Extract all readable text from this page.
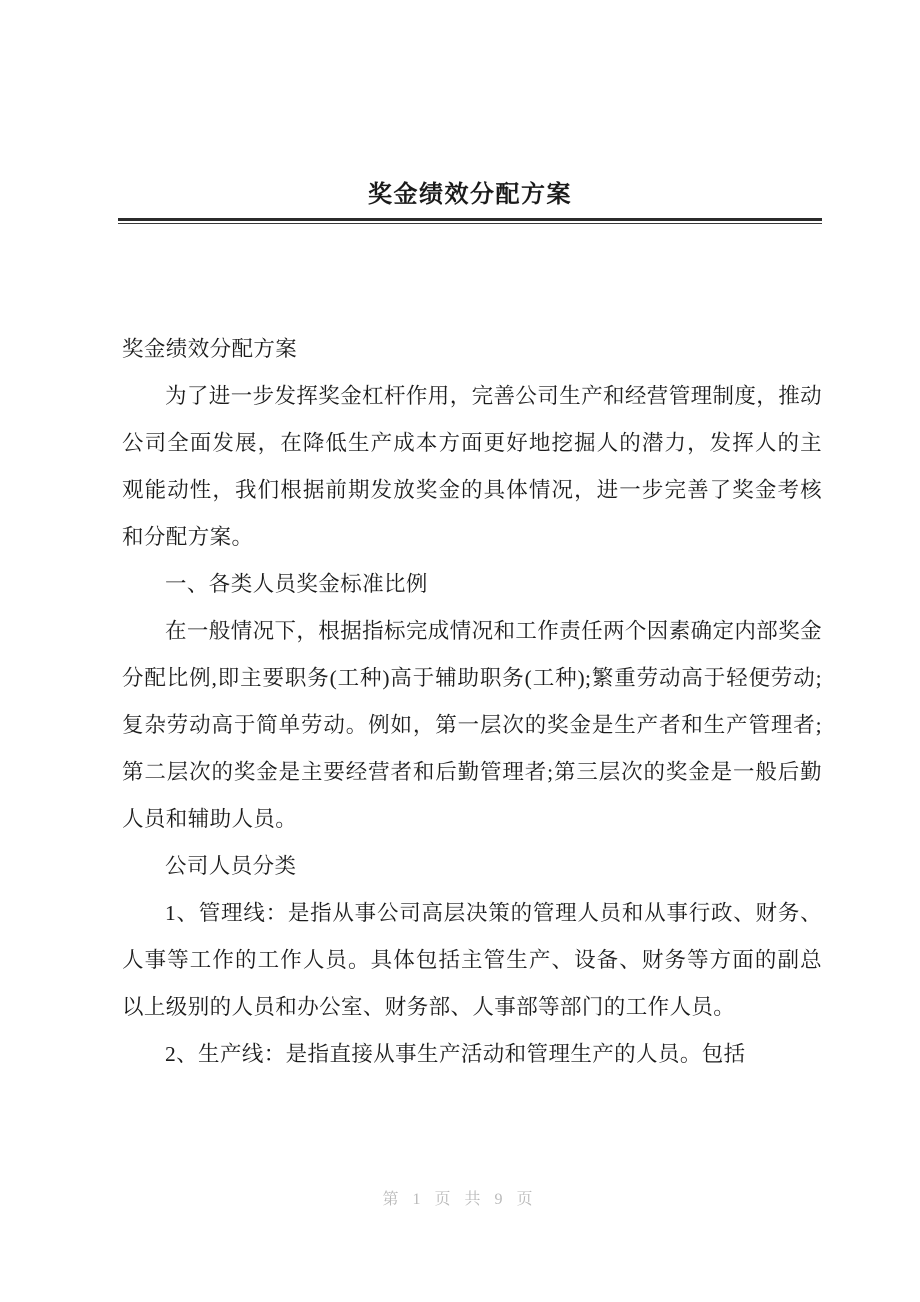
奖金绩效分配方案

奖金绩效分配方案

为了进一步发挥奖金杠杆作用，完善公司生产和经营管理制度，推动公司全面发展，在降低生产成本方面更好地挖掘人的潜力，发挥人的主观能动性，我们根据前期发放奖金的具体情况，进一步完善了奖金考核和分配方案。

一、各类人员奖金标准比例

在一般情况下，根据指标完成情况和工作责任两个因素确定内部奖金分配比例,即主要职务(工种)高于辅助职务(工种);繁重劳动高于轻便劳动;复杂劳动高于简单劳动。例如，第一层次的奖金是生产者和生产管理者;第二层次的奖金是主要经营者和后勤管理者;第三层次的奖金是一般后勤人员和辅助人员。

公司人员分类

1、管理线：是指从事公司高层决策的管理人员和从事行政、财务、人事等工作的工作人员。具体包括主管生产、设备、财务等方面的副总以上级别的人员和办公室、财务部、人事部等部门的工作人员。

2、生产线：是指直接从事生产活动和管理生产的人员。包括

第 1 页 共 9 页
